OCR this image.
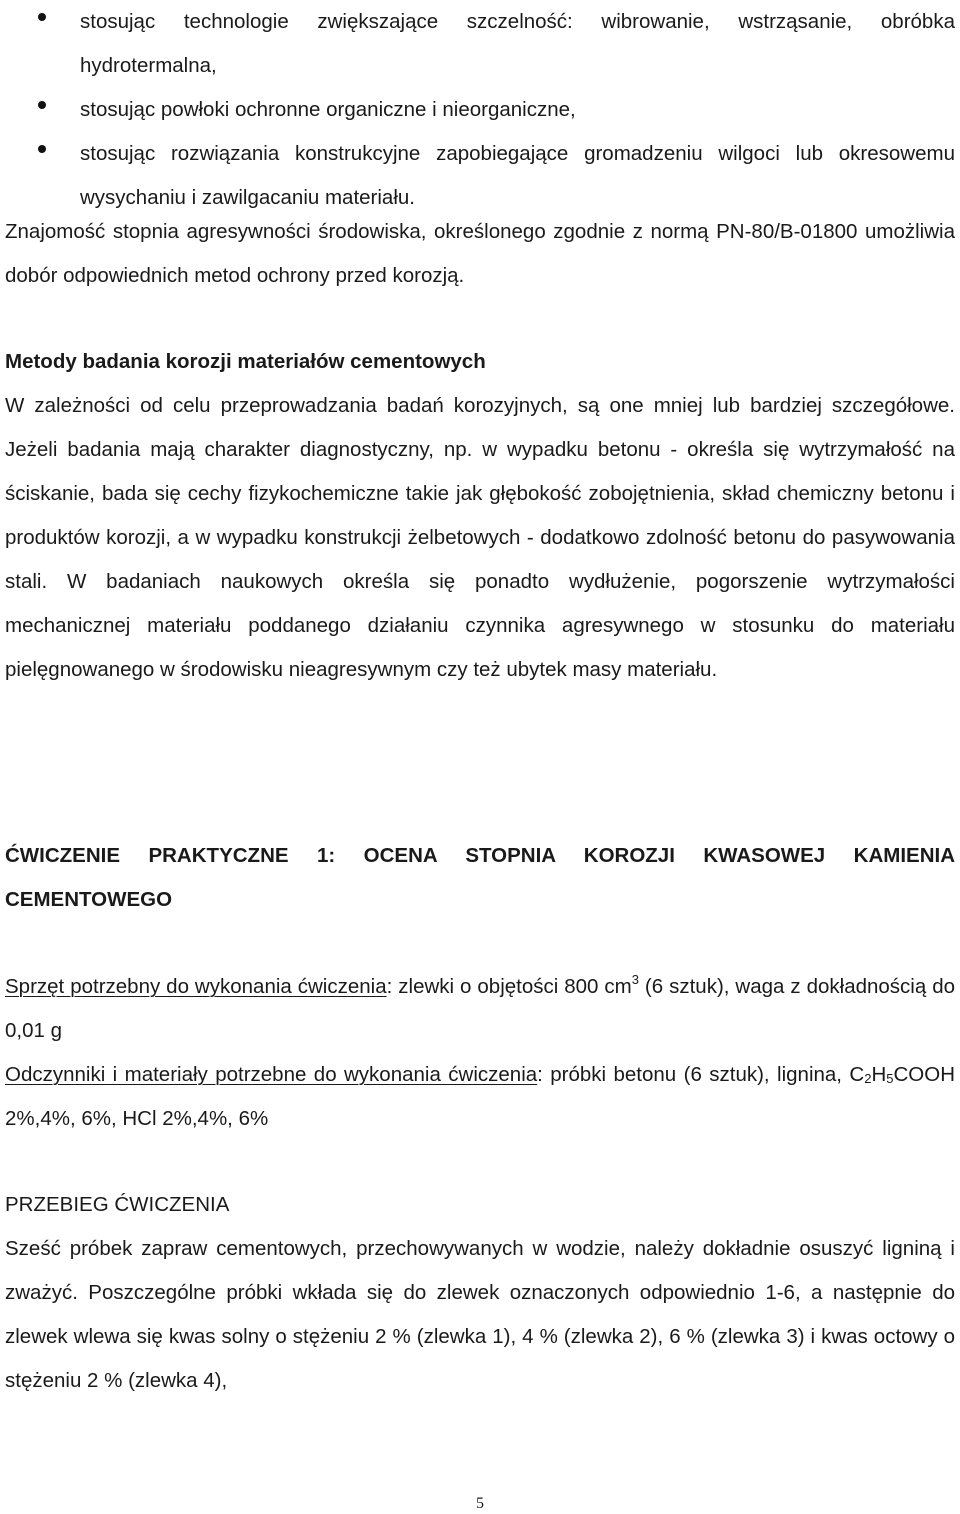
stosując technologie zwiększające szczelność: wibrowanie, wstrząsanie, obróbka hydrotermalna,
stosując powłoki ochronne organiczne i nieorganiczne,
stosując rozwiązania konstrukcyjne zapobiegające gromadzeniu wilgoci lub okresowemu wysychaniu i zawilgacaniu materiału.

Znajomość stopnia agresywności środowiska, określonego zgodnie z normą PN-80/B-01800 umożliwia dobór odpowiednich metod ochrony przed korozją.

Metody badania korozji materiałów cementowych

W zależności od celu przeprowadzania badań korozyjnych, są one mniej lub bardziej szczegółowe. Jeżeli badania mają charakter diagnostyczny, np. w wypadku betonu - określa się wytrzymałość na ściskanie, bada się cechy fizykochemiczne takie jak głębokość zobojętnienia, skład chemiczny betonu i produktów korozji, a w wypadku konstrukcji żelbetowych - dodatkowo zdolność betonu do pasywowania stali. W badaniach naukowych określa się ponadto wydłużenie, pogorszenie wytrzymałości mechanicznej materiału poddanego działaniu czynnika agresywnego w stosunku do materiału pielęgnowanego w środowisku nieagresywnym czy też ubytek masy materiału.

ĆWICZENIE PRAKTYCZNE 1: OCENA STOPNIA KOROZJI KWASOWEJ KAMIENIA CEMENTOWEGO

Sprzęt potrzebny do wykonania ćwiczenia: zlewki o objętości 800 $cm^3$ (6 sztuk), waga z dokładnością do 0,01 g

Odczynniki i materiały potrzebne do wykonania ćwiczenia: próbki betonu (6 sztuk), lignina, $C_2H_5COOH$ 2%,4%, 6%, HCl 2%,4%, 6%

PRZEBIEG ĆWICZENIA

Sześć próbek zapraw cementowych, przechowywanych w wodzie, należy dokładnie osuszyć ligniną i zważyć. Poszczególne próbki wkłada się do zlewek oznaczonych odpowiednio 1-6, a następnie do zlewek wlewa się kwas solny o stężeniu 2 % (zlewka 1), 4 % (zlewka 2), 6 % (zlewka 3) i kwas octowy o stężeniu 2 % (zlewka 4),

5
